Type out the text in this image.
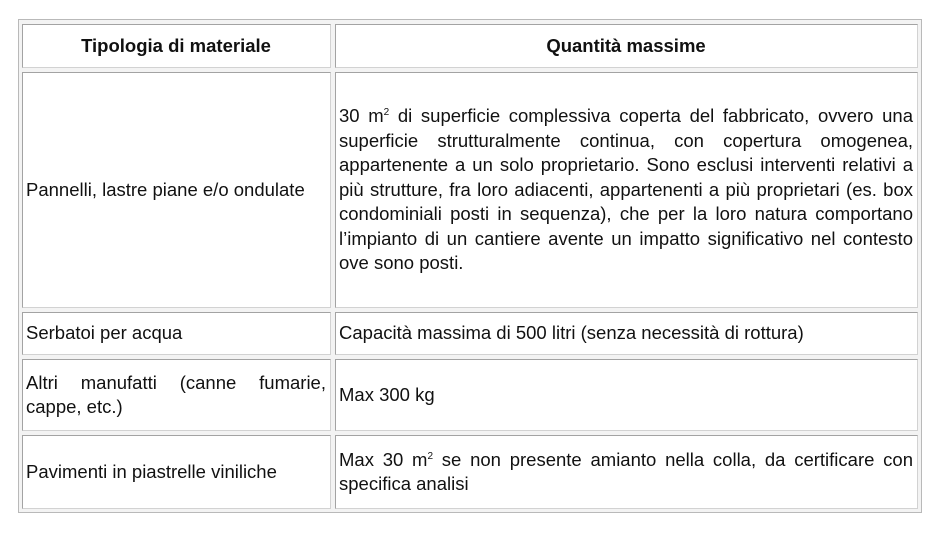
Tipologia di materiale	Quantità massime
Pannelli, lastre piane e/o ondulate
30 $m^2$ di superficie complessiva coperta del fabbricato, ovvero una superficie strutturalmente continua, con copertura omogenea, appartenente a un solo proprietario. Sono esclusi interventi relativi a più strutture, fra loro adiacenti, appartenenti a più proprietari (es. box condominiali posti in sequenza), che per la loro natura comportano l’impianto di un cantiere avente un impatto significativo nel contesto ove sono posti.
Serbatoi per acqua	Capacità massima di 500 litri (senza necessità di rottura)
Altri manufatti (canne fumarie, cappe, etc.)
Max 300 kg
Pavimenti in piastrelle viniliche
Max 30 $m^2$ se non presente amianto nella colla, da certificare con specifica analisi
